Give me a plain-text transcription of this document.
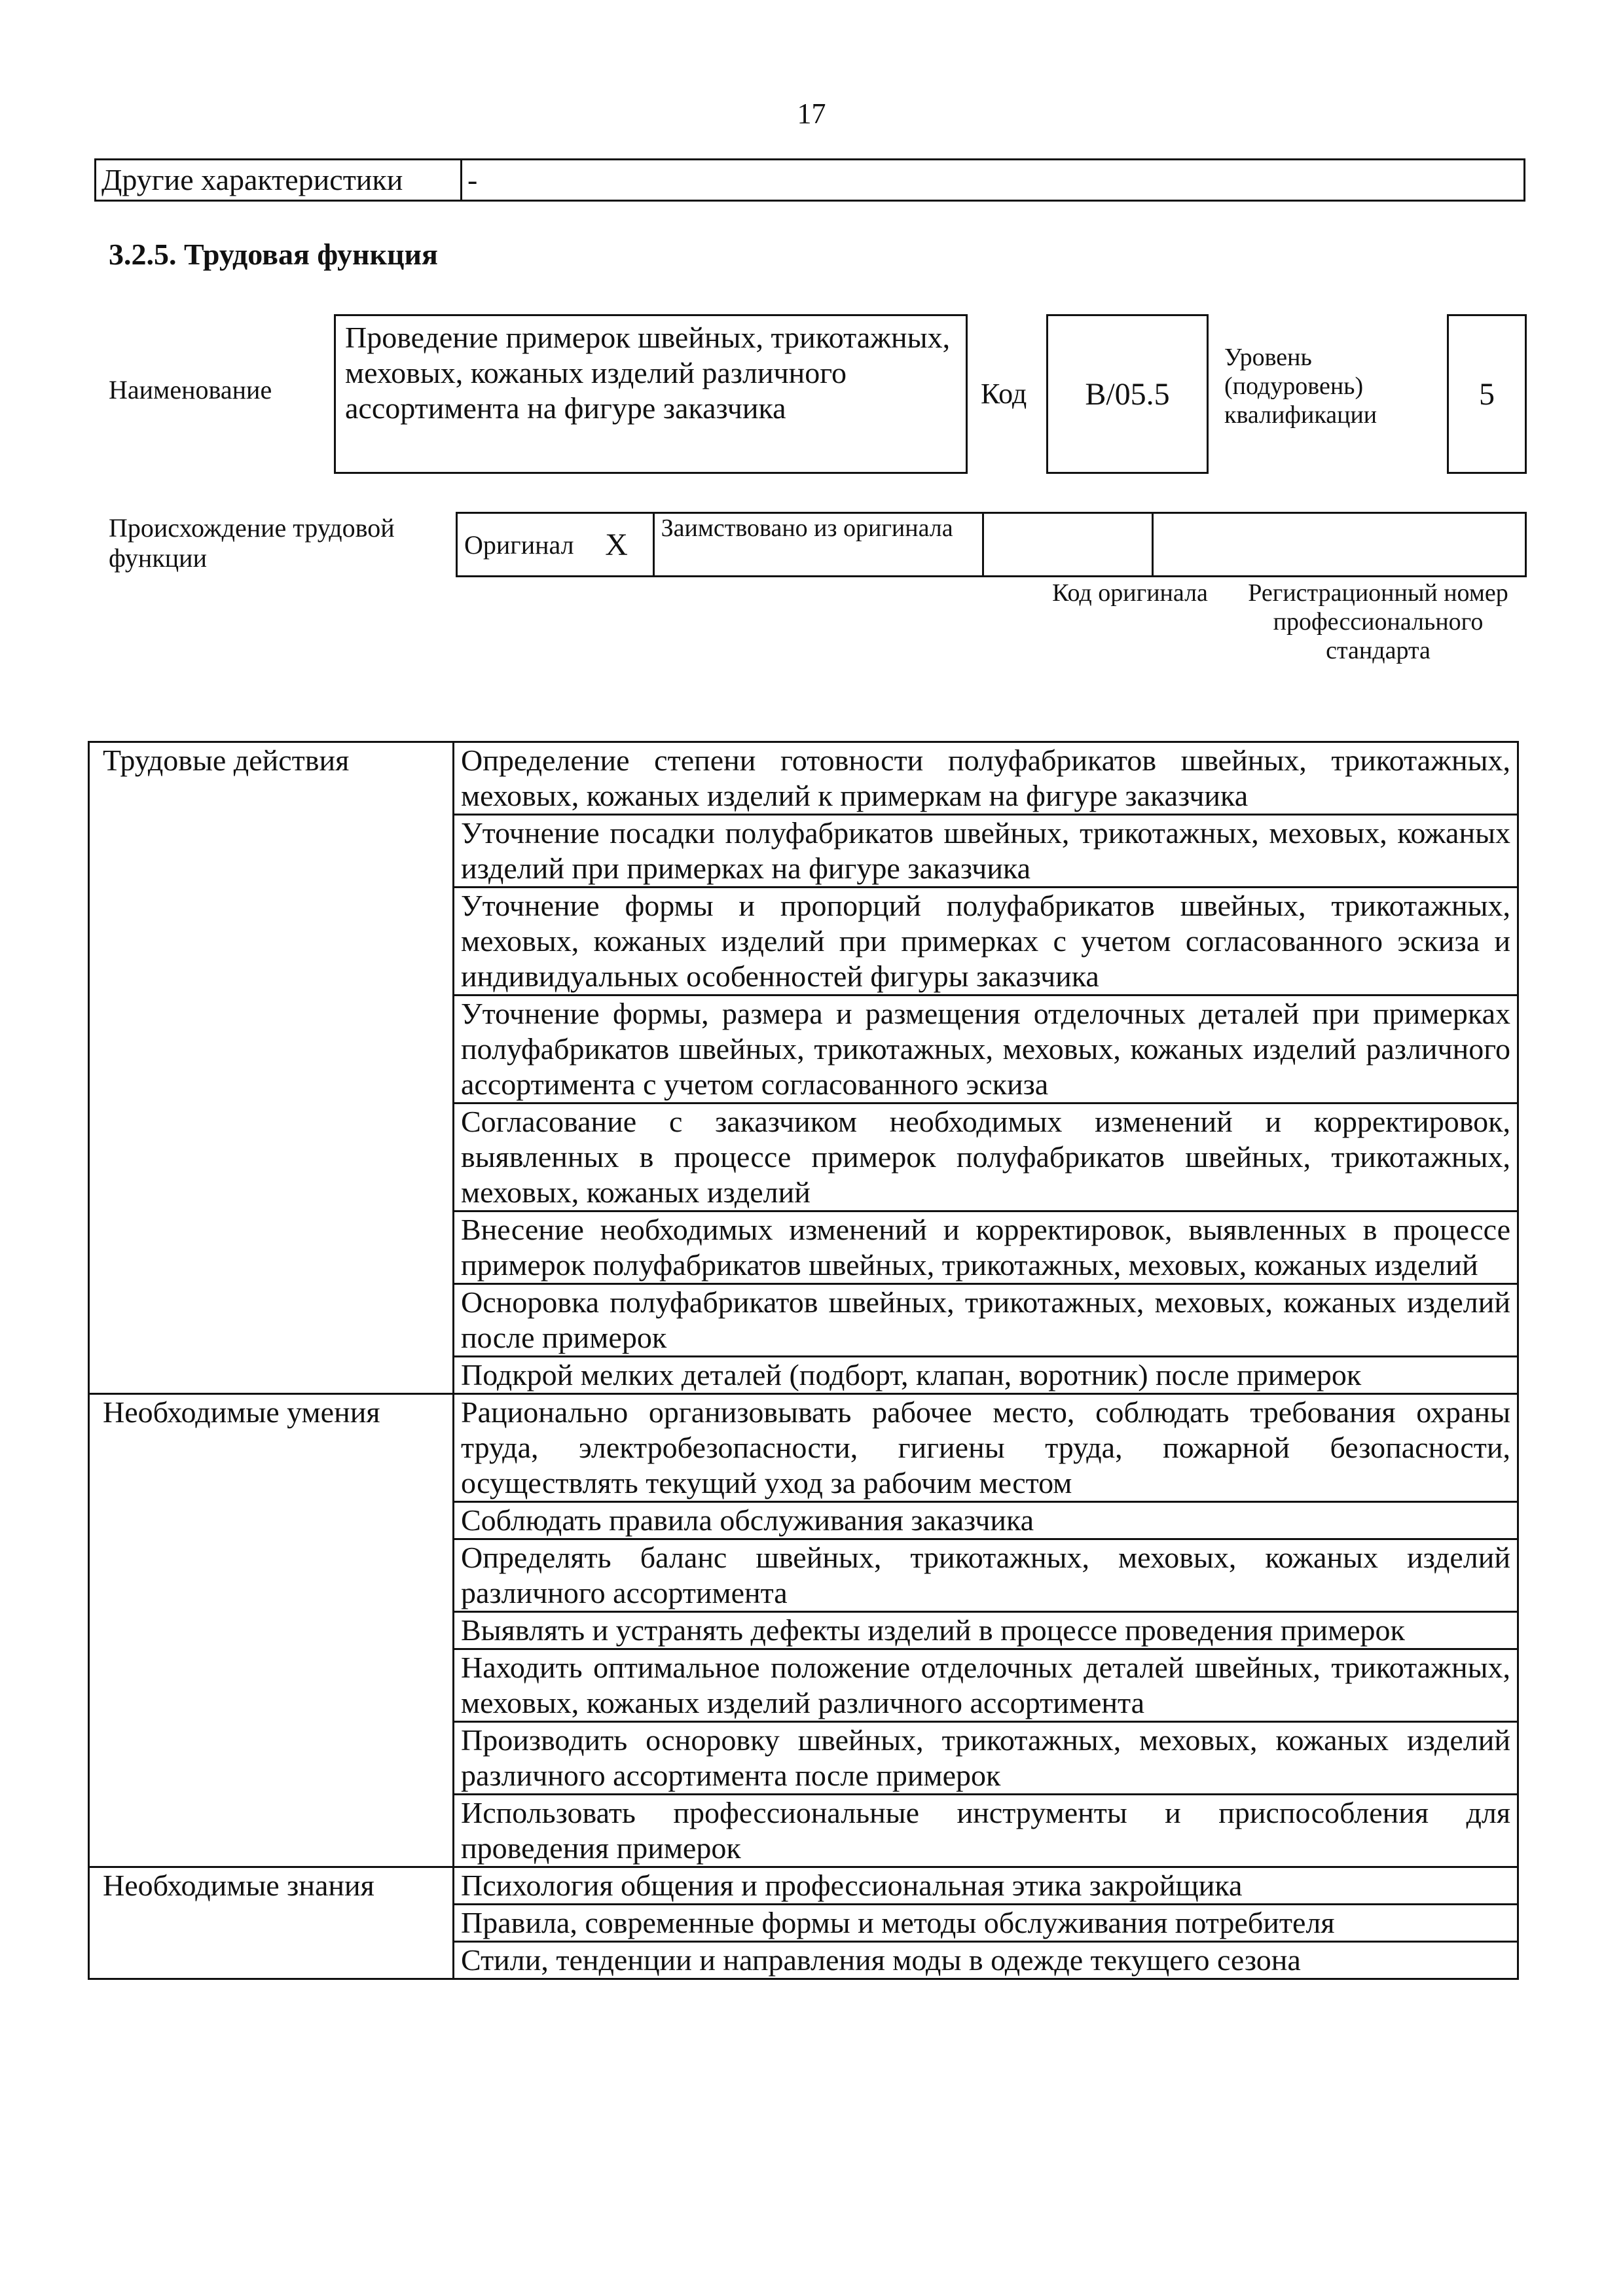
17
Другие характеристики	-
3.2.5. Трудовая функция
Наименование
Проведение примерок швейных, трикотажных, меховых, кожаных изделий различного ассортимента на фигуре заказчика	Код	B/05.5
Уровень (подуровень) квалификации
5
Происхождение трудовой функции	Оригинал	X	Заимствовано из оригинала		
Код оригинала	Регистрационный номер профессионального стандарта
Трудовые действия	Определение степени готовности полуфабрикатов швейных, трикотажных, меховых, кожаных изделий к примеркам на фигуре заказчика
	Уточнение посадки полуфабрикатов швейных, трикотажных, меховых, кожаных изделий при примерках на фигуре заказчика
	Уточнение формы и пропорций полуфабрикатов швейных, трикотажных, меховых, кожаных изделий при примерках с учетом согласованного эскиза и индивидуальных особенностей фигуры заказчика
	Уточнение формы, размера и размещения отделочных деталей при примерках полуфабрикатов швейных, трикотажных, меховых, кожаных изделий различного ассортимента с учетом согласованного эскиза
	Согласование с заказчиком необходимых изменений и корректировок, выявленных в процессе примерок полуфабрикатов швейных, трикотажных, меховых, кожаных изделий
	Внесение необходимых изменений и корректировок, выявленных в процессе примерок полуфабрикатов швейных, трикотажных, меховых, кожаных изделий
	Оснoровка полуфабрикатов швейных, трикотажных, меховых, кожаных изделий после примерок
	Подкрой мелких деталей (подборт, клапан, воротник) после примерок
Необходимые умения	Рационально организовывать рабочее место, соблюдать требования охраны труда, электробезопасности, гигиены труда, пожарной безопасности, осуществлять текущий уход за рабочим местом
	Соблюдать правила обслуживания заказчика
	Определять баланс швейных, трикотажных, меховых, кожаных изделий различного ассортимента
	Выявлять и устранять дефекты изделий в процессе проведения примерок
	Находить оптимальное положение отделочных деталей швейных, трикотажных, меховых, кожаных изделий различного ассортимента
	Производить осноровку швейных, трикотажных, меховых, кожаных изделий различного ассортимента после примерок
	Использовать профессиональные инструменты и приспособления для проведения примерок
Необходимые знания	Психология общения и профессиональная этика закройщика
	Правила, современные формы и методы обслуживания потребителя
	Стили, тенденции и направления моды в одежде текущего сезона
